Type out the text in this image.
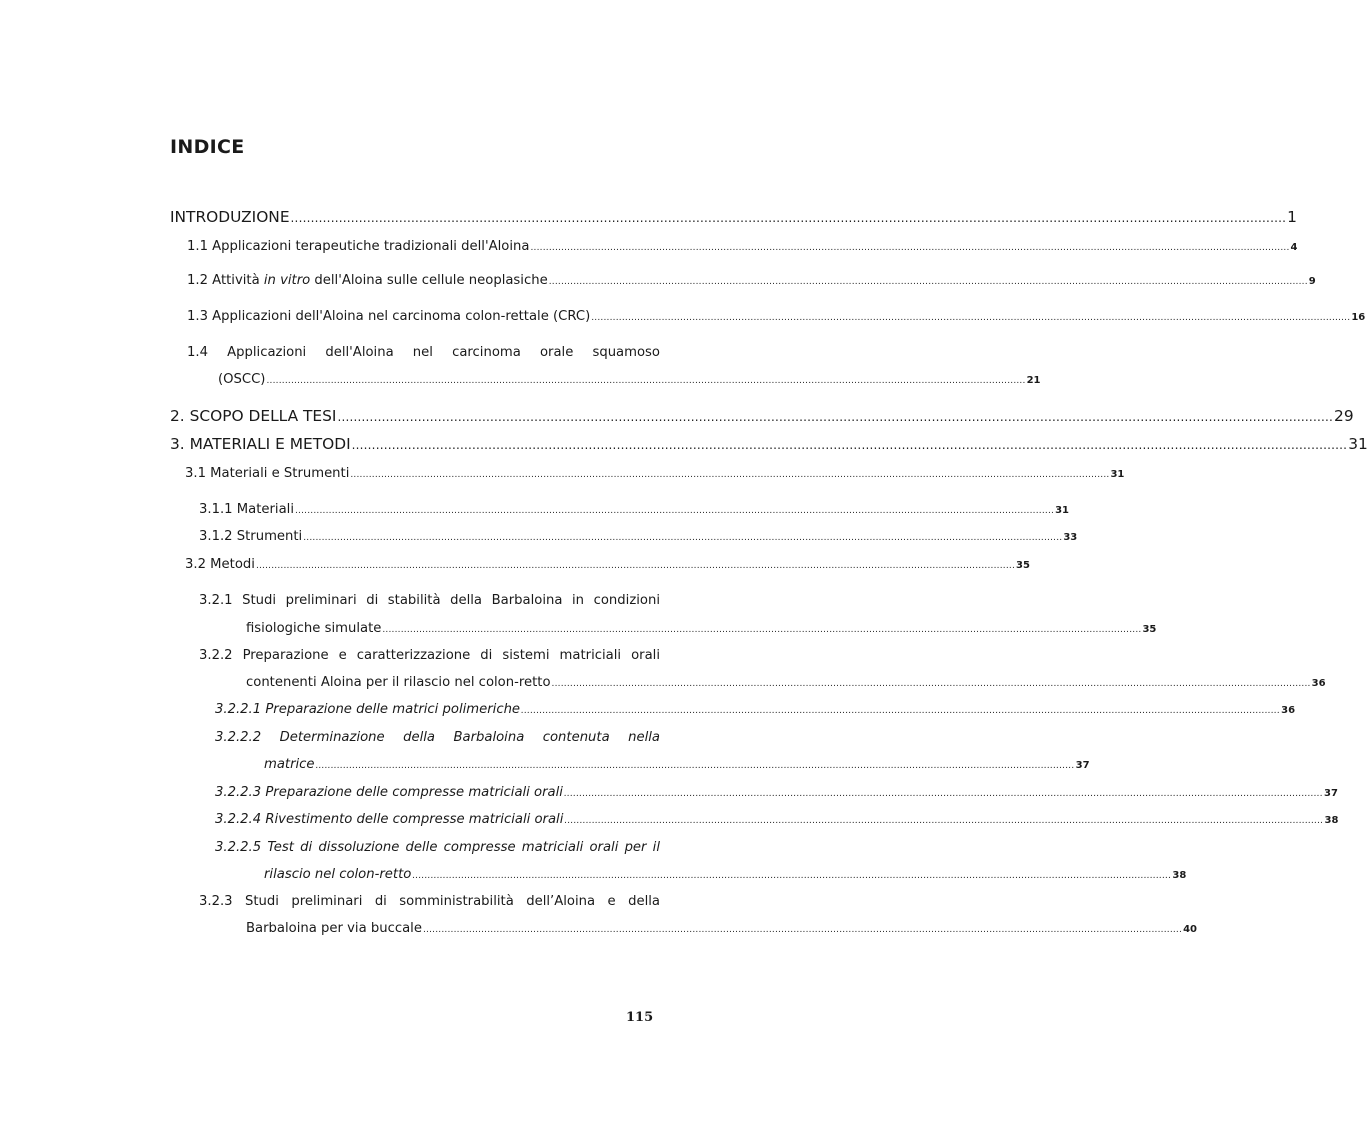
INDICE
INTRODUZIONE ........................................................................................................................................................................................................................................................ 1
1.1 Applicazioni terapeutiche tradizionali dell'Aloina ........................................................................................................................................................................................................................................................ 4
1.2 Attività in vitro dell'Aloina sulle cellule neoplasiche ........................................................................................................................................................................................................................................................ 9
1.3 Applicazioni dell'Aloina nel carcinoma colon-rettale (CRC) ........................................................................................................................................................................................................................................................ 16
1.4 Applicazioni dell'Aloina nel carcinoma orale squamoso
(OSCC) ........................................................................................................................................................................................................................................................ 21
2. SCOPO DELLA TESI ........................................................................................................................................................................................................................................................ 29
3. MATERIALI E METODI ........................................................................................................................................................................................................................................................ 31
3.1 Materiali e Strumenti ........................................................................................................................................................................................................................................................ 31
3.1.1 Materiali ........................................................................................................................................................................................................................................................ 31
3.1.2 Strumenti ........................................................................................................................................................................................................................................................ 33
3.2 Metodi ........................................................................................................................................................................................................................................................ 35
3.2.1 Studi preliminari di stabilità della Barbaloina in condizioni
fisiologiche simulate ........................................................................................................................................................................................................................................................ 35
3.2.2 Preparazione e caratterizzazione di sistemi matriciali orali
contenenti Aloina per il rilascio nel colon-retto ........................................................................................................................................................................................................................................................ 36
3.2.2.1 Preparazione delle matrici polimeriche ........................................................................................................................................................................................................................................................ 36
3.2.2.2 Determinazione della Barbaloina contenuta nella
matrice ........................................................................................................................................................................................................................................................ 37
3.2.2.3 Preparazione delle compresse matriciali orali ........................................................................................................................................................................................................................................................ 37
3.2.2.4 Rivestimento delle compresse matriciali orali ........................................................................................................................................................................................................................................................ 38
3.2.2.5 Test di dissoluzione delle compresse matriciali orali per il
rilascio nel colon-retto ........................................................................................................................................................................................................................................................ 38
3.2.3 Studi preliminari di somministrabilità dell’Aloina e della
Barbaloina per via buccale ........................................................................................................................................................................................................................................................ 40
115
